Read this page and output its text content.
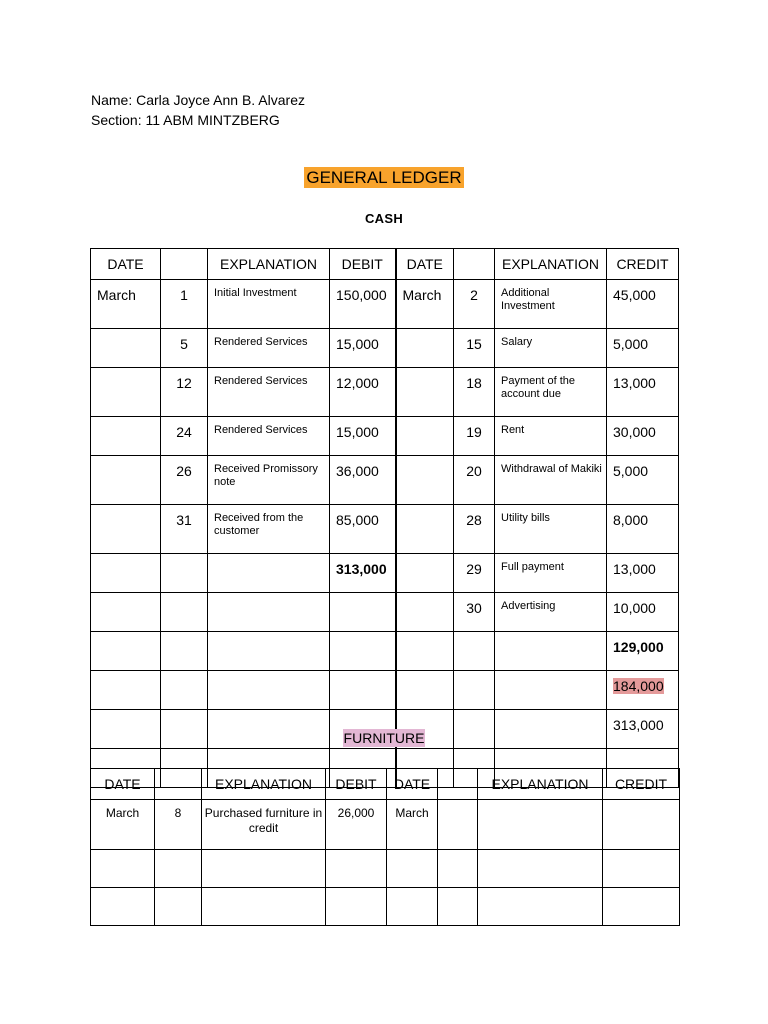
Name: Carla Joyce Ann B. Alvarez
Section: 11 ABM MINTZBERG
GENERAL LEDGER
CASH
DATE		EXPLANATION	DEBIT	DATE		EXPLANATION	CREDIT
March	1	Initial Investment	150,000	March	2	Additional Investment	45,000
	5	Rendered Services	15,000		15	Salary	5,000
	12	Rendered Services	12,000		18	Payment of the account due	13,000
	24	Rendered Services	15,000		19	Rent	30,000
	26	Received Promissory note	36,000		20	Withdrawal of Makiki	5,000
	31	Received from the customer	85,000		28	Utility bills	8,000
			313,000		29	Full payment	13,000
					30	Advertising	10,000
							129,000
							184,000
							313,000

FURNITURE
DATE		EXPLANATION	DEBIT	DATE		EXPLANATION	CREDIT
March	8	Purchased furniture in credit	26,000	March			
